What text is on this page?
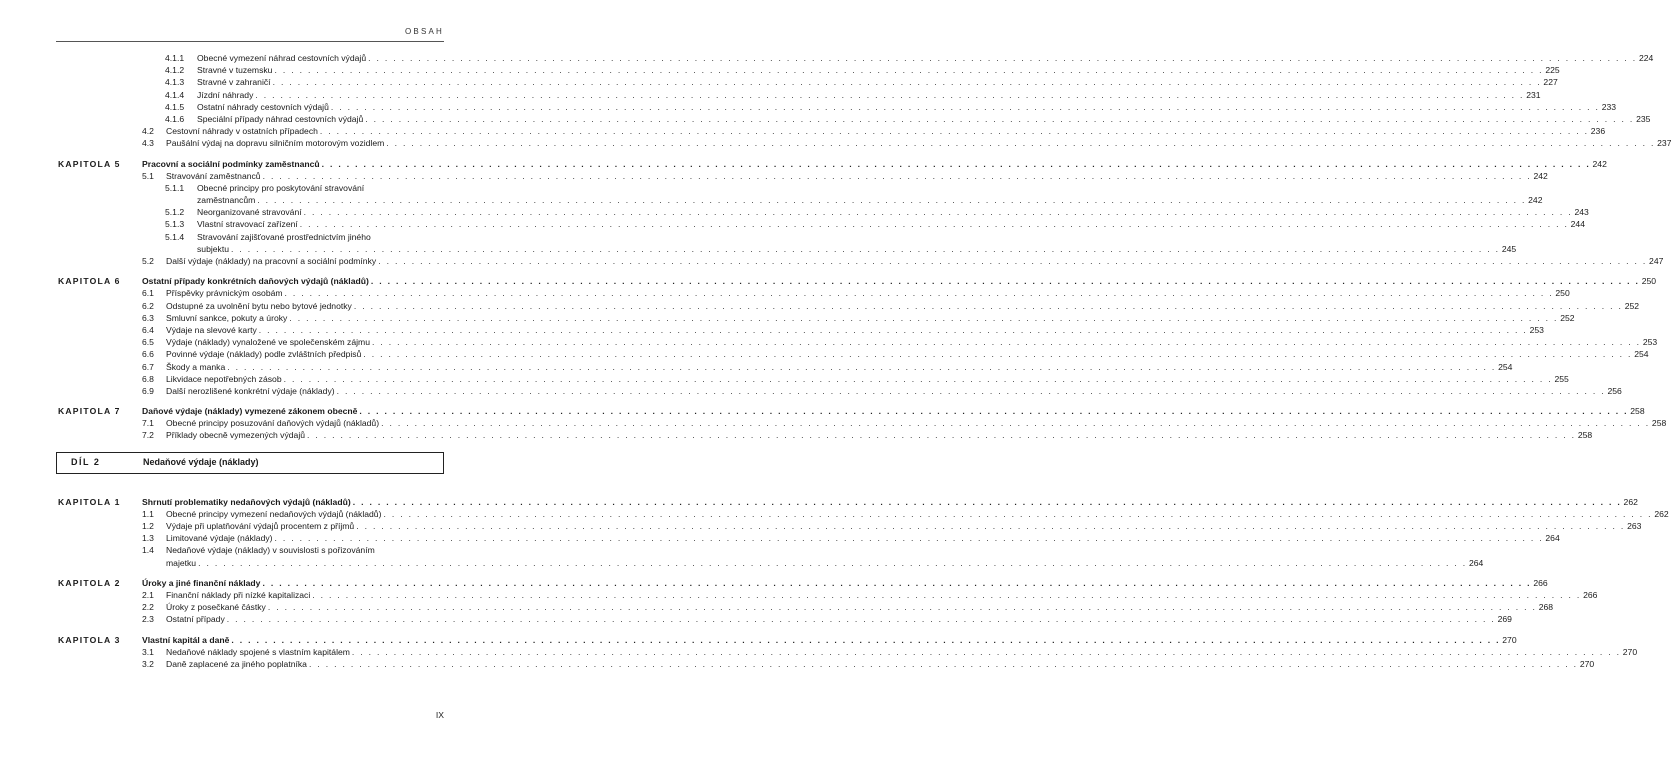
OBSAH
4.1.1 Obecné vymezení náhrad cestovních výdajů . . .	224
4.1.2 Stravné v tuzemsku . . .	225
4.1.3 Stravné v zahraničí . . .	227
4.1.4 Jízdní náhrady . . .	231
4.1.5 Ostatní náhrady cestovních výdajů . . .	233
4.1.6 Speciální případy náhrad cestovních výdajů . . .	235
4.2 Cestovní náhrady v ostatních případech . . .	236
4.3 Paušální výdaj na dopravu silničním motorovým vozidlem . . .	237
KAPITOLA 5 Pracovní a sociální podmínky zaměstnanců . . .	242
5.1 Stravování zaměstnanců . . .	242
5.1.1 Obecné principy pro poskytování stravování
zaměstnancům . . .	242
5.1.2 Neorganizované stravování . . .	243
5.1.3 Vlastní stravovací zařízení . . .	244
5.1.4 Stravování zajišťované prostřednictvím jiného
subjektu . . .	245
5.2 Další výdaje (náklady) na pracovní a sociální podmínky . . .	247
KAPITOLA 6 Ostatní případy konkrétních daňových výdajů (nákladů) . . .	250
6.1 Příspěvky právnickým osobám . . .	250
6.2 Odstupné za uvolnění bytu nebo bytové jednotky . . .	252
6.3 Smluvní sankce, pokuty a úroky . . .	252
6.4 Výdaje na slevové karty . . .	253
6.5 Výdaje (náklady) vynaložené ve společenském zájmu . . .	253
6.6 Povinné výdaje (náklady) podle zvláštních předpisů . . .	254
6.7 Škody a manka . . .	254
6.8 Likvidace nepotřebných zásob . . .	255
6.9 Další nerozlišené konkrétní výdaje (náklady) . . .	256
KAPITOLA 7 Daňové výdaje (náklady) vymezené zákonem obecně . . .	258
7.1 Obecné principy posuzování daňových výdajů (nákladů) . . .	258
7.2 Příklady obecně vymezených výdajů . . .	258
DÍL 2	Nedaňové výdaje (náklady)
KAPITOLA 1 Shrnutí problematiky nedaňových výdajů (nákladů) . . .	262
1.1 Obecné principy vymezení nedaňových výdajů (nákladů) . . .	262
1.2 Výdaje při uplatňování výdajů procentem z příjmů . . .	263
1.3 Limitované výdaje (náklady) . . .	264
1.4 Nedaňové výdaje (náklady) v souvislosti s pořizováním
majetku . . .	264
KAPITOLA 2 Úroky a jiné finanční náklady . . .	266
2.1 Finanční náklady při nízké kapitalizaci . . .	266
2.2 Úroky z posečkané částky . . .	268
2.3 Ostatní případy . . .	269
KAPITOLA 3 Vlastní kapitál a daně . . .	270
3.1 Nedaňové náklady spojené s vlastním kapitálem . . .	270
3.2 Daně zaplacené za jiného poplatníka . . .	270
IX
